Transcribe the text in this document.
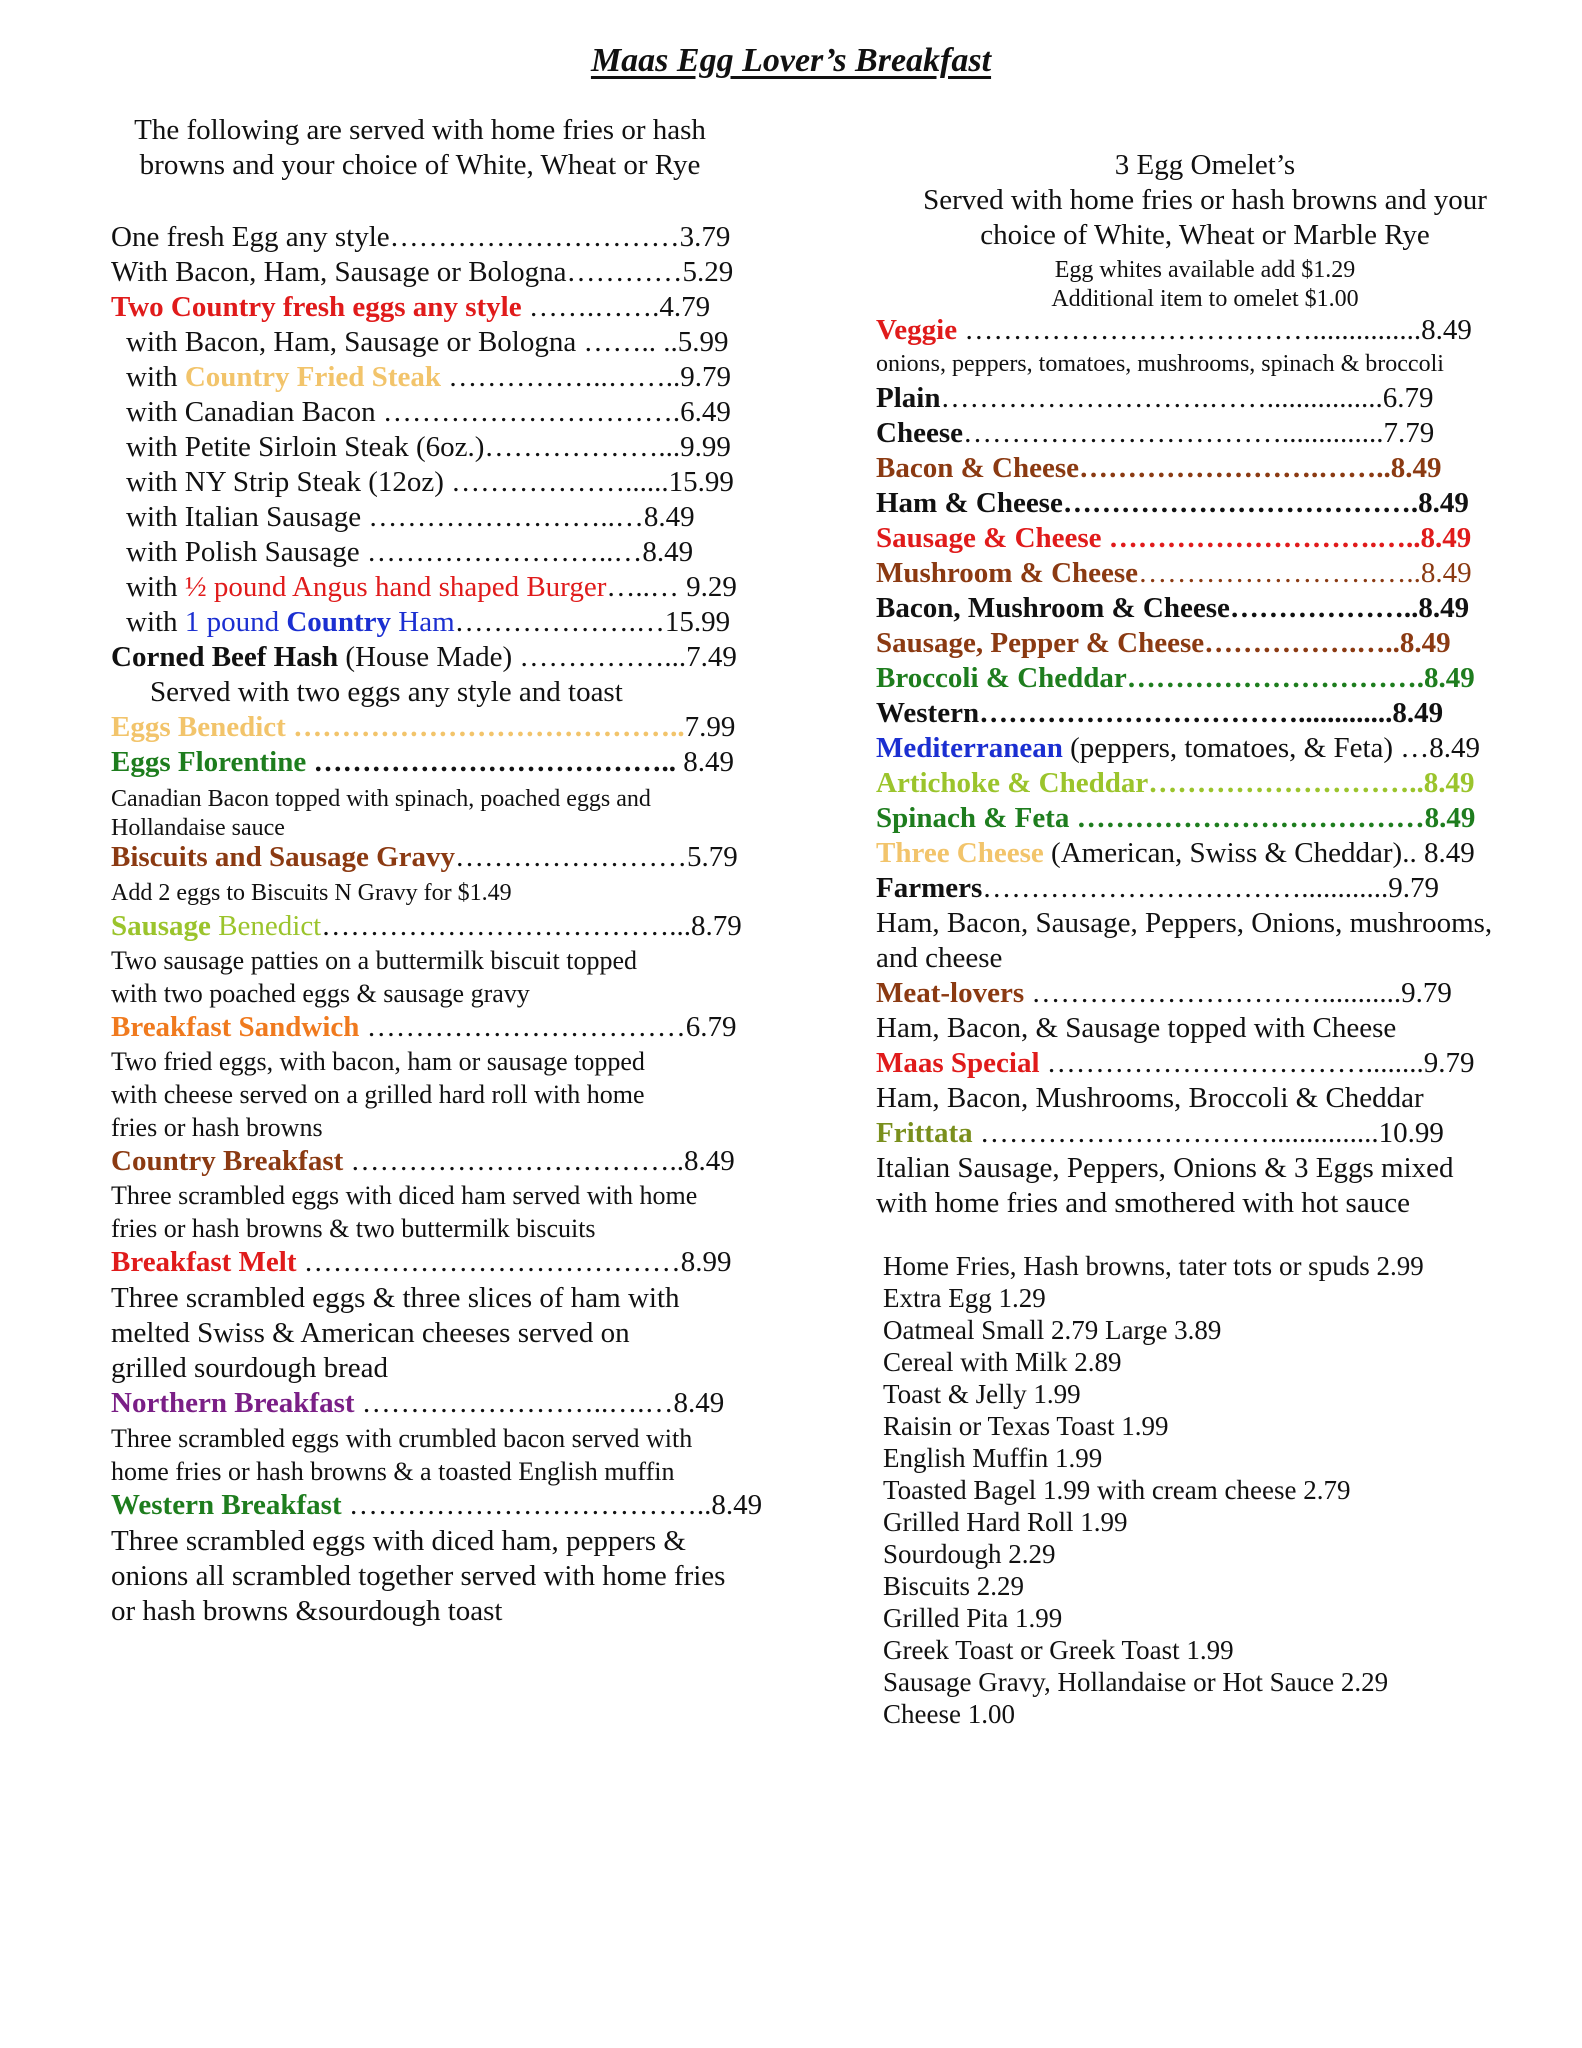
Maas Egg Lover’s Breakfast
The following are served with home fries or hash
browns and your choice of White, Wheat or Rye
One fresh Egg any style…………………………3.79
With Bacon, Ham, Sausage or Bologna…………5.29
Two Country fresh eggs any style …….…….4.79
with Bacon, Ham, Sausage or Bologna …….. ..5.99
with Country Fried Steak ……………..……..9.79
with Canadian Bacon ………………………….6.49
with Petite Sirloin Steak (6oz.)………………...9.99
with NY Strip Steak (12oz) ………………......15.99
with Italian Sausage ……………………..…8.49
with Polish Sausage ……………………..…8.49
with ½ pound Angus hand shaped Burger…..… 9.29
with 1 pound Country Ham……………….…15.99
Corned Beef Hash (House Made) ……………...7.49
Served with two eggs any style and toast
Eggs Benedict …………………………………..7.99
Eggs Florentine ……………………………….. 8.49
Canadian Bacon topped with spinach, poached eggs and
Hollandaise sauce
Biscuits and Sausage Gravy……………………5.79
Add 2 eggs to Biscuits N Gravy for $1.49
Sausage Benedict………………………………...8.79
Two sausage patties on a buttermilk biscuit topped
with two poached eggs & sausage gravy
Breakfast Sandwich ……………………………6.79
Two fried eggs, with bacon, ham or sausage topped
with cheese served on a grilled hard roll with home
fries or hash browns
Country Breakfast ……………………………..8.49
Three scrambled eggs with diced ham served with home
fries or hash browns & two buttermilk biscuits
Breakfast Melt …………………………………8.99
Three scrambled eggs & three slices of ham with
melted Swiss & American cheeses served on
grilled sourdough bread
Northern Breakfast ……………………..….…8.49
Three scrambled eggs with crumbled bacon served with
home fries or hash browns & a toasted English muffin
Western Breakfast ………………………………..8.49
Three scrambled eggs with diced ham, peppers &
onions all scrambled together served with home fries
or hash browns &sourdough toast
3 Egg Omelet’s
Served with home fries or hash browns and your
choice of White, Wheat or Marble Rye
Egg whites available add $1.29
Additional item to omelet $1.00
Veggie ………………………………...............8.49
onions, peppers, tomatoes, mushrooms, spinach & broccoli
Plain……………………….……................6.79
Cheese……………………………..............7.79
Bacon & Cheese…………………….……..8.49
Ham & Cheese……………………………….8.49
Sausage & Cheese ……………………….…..8.49
Mushroom & Cheese…………………….…..8.49
Bacon, Mushroom & Cheese………………..8.49
Sausage, Pepper & Cheese…………….…..8.49
Broccoli & Cheddar………………………….8.49
Western…………………………….............8.49
Mediterranean (peppers, tomatoes, & Feta) …8.49
Artichoke & Cheddar………………………..8.49
Spinach & Feta ………………………………8.49
Three Cheese (American, Swiss & Cheddar).. 8.49
Farmers……………………………............9.79
Ham, Bacon, Sausage, Peppers, Onions, mushrooms,
and cheese
Meat-lovers …………………………...........9.79
Ham, Bacon, & Sausage topped with Cheese
Maas Special ……………………………........9.79
Ham, Bacon, Mushrooms, Broccoli & Cheddar
Frittata …………………………...............10.99
Italian Sausage, Peppers, Onions & 3 Eggs mixed
with home fries and smothered with hot sauce
Home Fries, Hash browns, tater tots or spuds 2.99
Extra Egg 1.29
Oatmeal Small 2.79 Large 3.89
Cereal with Milk 2.89
Toast & Jelly 1.99
Raisin or Texas Toast 1.99
English Muffin 1.99
Toasted Bagel 1.99 with cream cheese 2.79
Grilled Hard Roll 1.99
Sourdough 2.29
Biscuits 2.29
Grilled Pita 1.99
Greek Toast or Greek Toast 1.99
Sausage Gravy, Hollandaise or Hot Sauce 2.29
Cheese 1.00
